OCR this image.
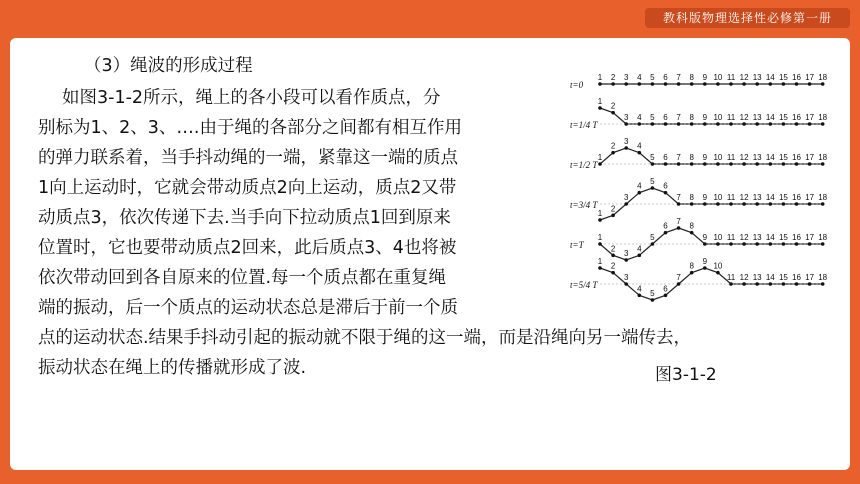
教科版物理选择性必修第一册
（3）绳波的形成过程
如图3-1-2所示，绳上的各小段可以看作质点，分
别标为1、2、3、….由于绳的各部分之间都有相互作用
的弹力联系着，当手抖动绳的一端，紧靠这一端的质点
1向上运动时，它就会带动质点2向上运动，质点2又带
动质点3，依次传递下去.当手向下拉动质点1回到原来
位置时，它也要带动质点2回来，此后质点3、4也将被
依次带动回到各自原来的位置.每一个质点都在重复绳
端的振动，后一个质点的运动状态总是滞后于前一个质
点的运动状态.结果手抖动引起的振动就不限于绳的这一端，而是沿绳向另一端传去，
振动状态在绳上的传播就形成了波.
t=0
1 2 3 4 5 6 7 8 9 10 11 12 13 14 15 16 17 18
t=1/4 T
1
2
3 4 5 6 7 8 9 10 11 12 13 14 15 16 17 18
t=1/2 T
1
2
3
4
5 6 7 8 9 10 11 12 13 14 15 16 17 18
t=3/4 T
1
2
3
4
5
6
7 8 9 10 11 12 13 14 15 16 17 18
t=T
1
2
3
4
5
6
7
8
9 10 11 12 13 14 15 16 17 18
t=5/4 T
1
2
3
4
5
6
7
8
9
10
11 12 13 14 15 16 17 18
图3-1-2
